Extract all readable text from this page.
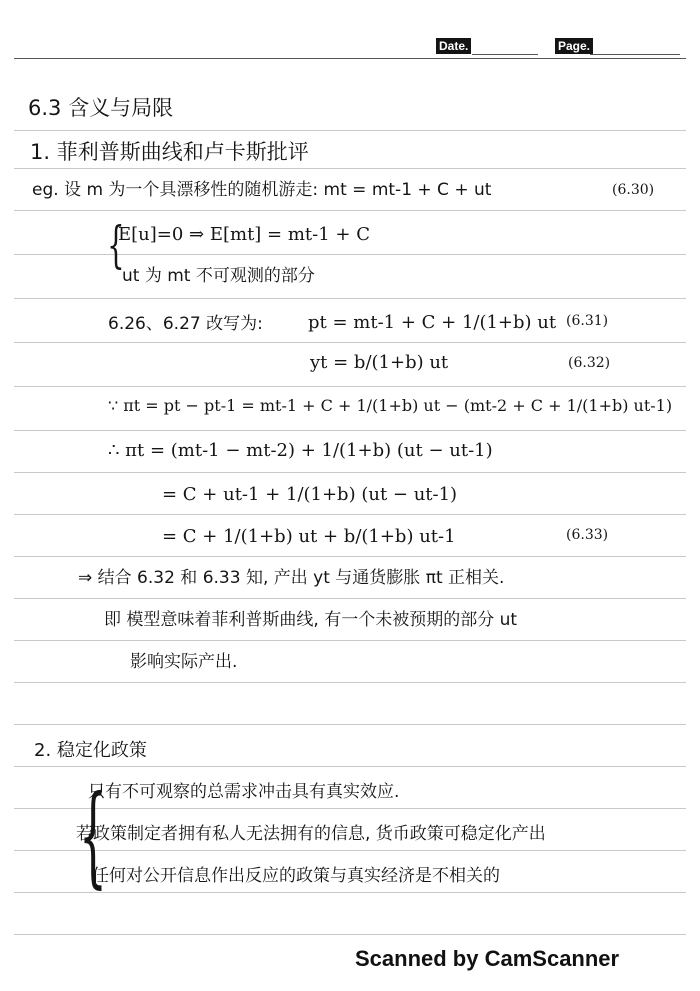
Date.	Page.
6.3 含义与局限
1. 菲利普斯曲线和卢卡斯批评
eg. 设 m 为一个具漂移性的随机游走: mt = mt-1 + C + ut	(6.30)
{
E[u]=0 ⇒ E[mt] = mt-1 + C
ut 为 mt 不可观测的部分
6.26、6.27 改写为:	pt = mt-1 + C + 1/(1+b) ut (6.31)
yt = b/(1+b) ut	(6.32)
∵ πt = pt − pt-1 = mt-1 + C + 1/(1+b) ut − (mt-2 + C + 1/(1+b) ut-1)
∴ πt = (mt-1 − mt-2) + 1/(1+b) (ut − ut-1)
= C + ut-1 + 1/(1+b) (ut − ut-1)
= C + 1/(1+b) ut + b/(1+b) ut-1	(6.33)
⇒ 结合 6.32 和 6.33 知, 产出 yt 与通货膨胀 πt 正相关.
即 模型意味着菲利普斯曲线, 有一个未被预期的部分 ut
影响实际产出.
2. 稳定化政策
{
只有不可观察的总需求冲击具有真实效应.
若政策制定者拥有私人无法拥有的信息, 货币政策可稳定化产出
任何对公开信息作出反应的政策与真实经济是不相关的
Scanned by CamScanner
